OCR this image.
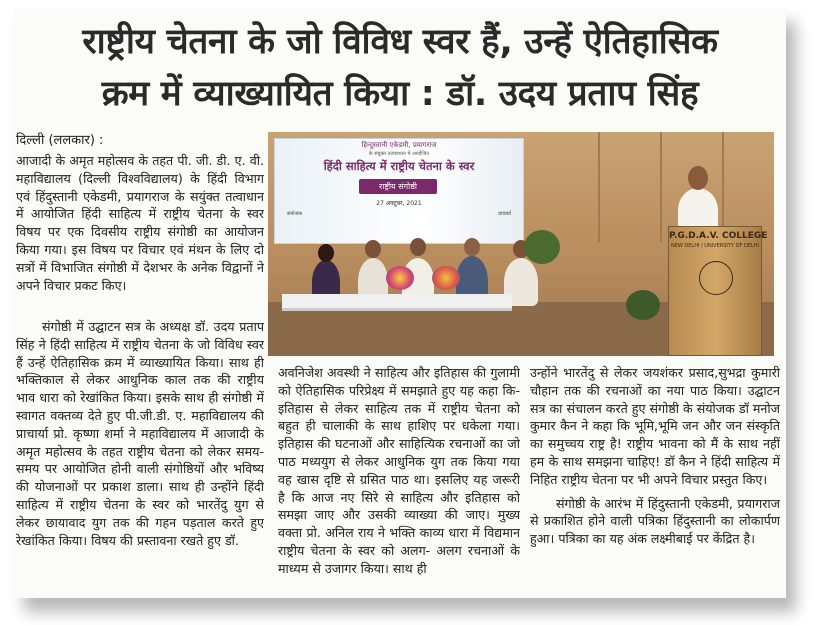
राष्ट्रीय चेतना के जो विविध स्वर हैं, उन्हें ऐतिहासिक
क्रम में व्याख्यायित किया : डॉ. उदय प्रताप सिंह
दिल्ली (ललकार) :

आजादी के अमृत महोत्सव के तहत पी. जी. डी. ए. वी. महाविद्यालय (दिल्ली विश्वविद्यालय) के हिंदी विभाग एवं हिंदुस्तानी एकेडमी, प्रयागराज के सयुंक्त तत्वाधान में आयोजित हिंदी साहित्य में राष्ट्रीय चेतना के स्वर विषय पर एक दिवसीय राष्ट्रीय संगोष्ठी का आयोजन किया गया। इस विषय पर विचार एवं मंथन के लिए दो सत्रों में विभाजित संगोष्ठी में देशभर के अनेक विद्वानों ने अपने विचार प्रकट किए।

संगोष्ठी में उद्घाटन सत्र के अध्यक्ष डॉ. उदय प्रताप सिंह ने हिंदी साहित्य में राष्ट्रीय चेतना के जो विविध स्वर हैं उन्हें ऐतिहासिक क्रम में व्याख्यायित किया। साथ ही भक्तिकाल से लेकर आधुनिक काल तक की राष्ट्रीय भाव धारा को रेखांकित किया। इसके साथ ही संगोष्ठी में स्वागत वक्तव्य देते हुए पी.जी.डी. ए. महाविद्यालय की प्राचार्या प्रो. कृष्णा शर्मा ने महाविद्यालय में आजादी के अमृत महोत्सव के तहत राष्ट्रीय चेतना को लेकर समय-समय पर आयोजित होनी वाली संगोष्ठियों और भविष्य की योजनाओं पर प्रकाश डाला। साथ ही उन्होंने हिंदी साहित्य में राष्ट्रीय चेतना के स्वर को भारतेंदु युग से लेकर छायावाद युग तक की गहन पड़ताल करते हुए रेखांकित किया। विषय की प्रस्तावना रखते हुए डॉ.

हिन्दुस्तानी एकेडमी, प्रयागराज
के संयुक्त तत्वावधान में आयोजित
हिंदी साहित्य में राष्ट्रीय चेतना के स्वर
राष्ट्रीय संगोष्ठी
27 अक्टूबर, 2021
संयोजक	प्राचार्या
P.G.D.A.V. COLLEGE
NEW DELHI / UNIVERSITY OF DELHI

अवनिजेश अवस्थी ने साहित्य और इतिहास की गुलामी को ऐतिहासिक परिप्रेक्ष्य में समझाते हुए यह कहा कि- इतिहास से लेकर साहित्य तक में राष्ट्रीय चेतना को बहुत ही चालाकी के साथ हाशिए पर धकेला गया। इतिहास की घटनाओं और साहित्यिक रचनाओं का जो पाठ मध्ययुग से लेकर आधुनिक युग तक किया गया वह खास दृष्टि से ग्रसित पाठ था। इसलिए यह जरूरी है कि आज नए सिरे से साहित्य और इतिहास को समझा जाए और उसकी व्याख्या की जाए। मुख्य वक्ता प्रो. अनिल राय ने भक्ति काव्य धारा में विद्यमान राष्ट्रीय चेतना के स्वर को अलग- अलग रचनाओं के माध्यम से उजागर किया। साथ ही

उन्होंने भारतेंदु से लेकर जयशंकर प्रसाद,सुभद्रा कुमारी चौहान तक की रचनाओं का नया पाठ किया। उद्घाटन सत्र का संचालन करते हुए संगोष्ठी के संयोजक डॉ मनोज कुमार कैन ने कहा कि भूमि,भूमि जन और जन संस्कृति का समुच्चय राष्ट्र है! राष्ट्रीय भावना को मैं के साथ नहीं हम के साथ समझना चाहिए! डॉ कैन ने हिंदी साहित्य में निहित राष्ट्रीय चेतना पर भी अपने विचार प्रस्तुत किए।

संगोष्ठी के आरंभ में हिंदुस्तानी एकेडमी, प्रयागराज से प्रकाशित होने वाली पत्रिका हिंदुस्तानी का लोकार्पण हुआ। पत्रिका का यह अंक लक्ष्मीबाई पर केंद्रित है।
